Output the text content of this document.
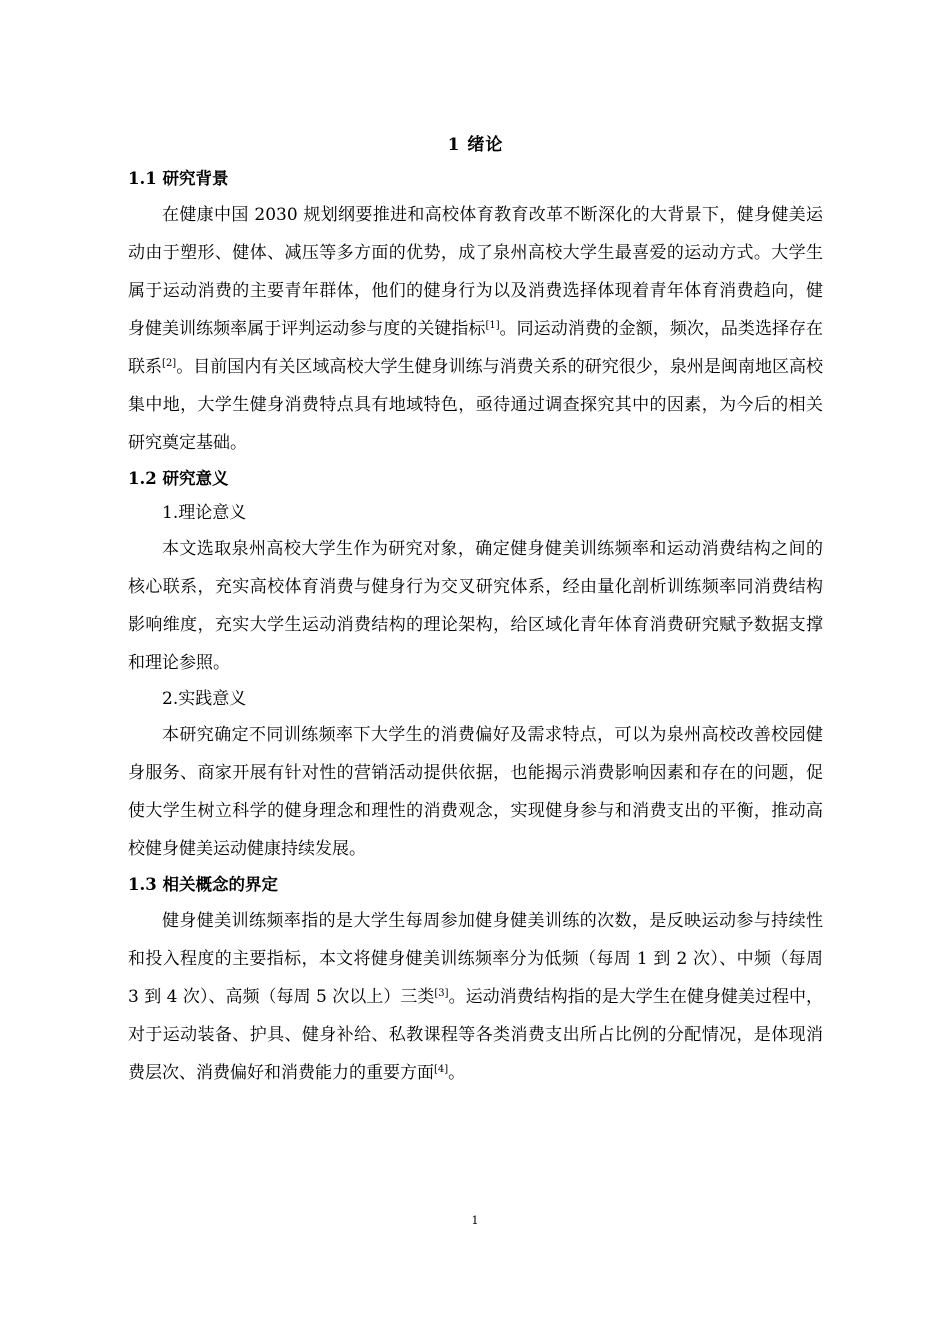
1 绪论
1.1 研究背景

在健康中国 2030 规划纲要推进和高校体育教育改革不断深化的大背景下，健身健美运动由于塑形、健体、减压等多方面的优势，成了泉州高校大学生最喜爱的运动方式。大学生属于运动消费的主要青年群体，他们的健身行为以及消费选择体现着青年体育消费趋向，健身健美训练频率属于评判运动参与度的关键指标[1]。同运动消费的金额，频次，品类选择存在联系[2]。目前国内有关区域高校大学生健身训练与消费关系的研究很少，泉州是闽南地区高校集中地，大学生健身消费特点具有地域特色，亟待通过调查探究其中的因素，为今后的相关研究奠定基础。

1.2 研究意义

1.理论意义

本文选取泉州高校大学生作为研究对象，确定健身健美训练频率和运动消费结构之间的核心联系，充实高校体育消费与健身行为交叉研究体系，经由量化剖析训练频率同消费结构影响维度，充实大学生运动消费结构的理论架构，给区域化青年体育消费研究赋予数据支撑和理论参照。

2.实践意义

本研究确定不同训练频率下大学生的消费偏好及需求特点，可以为泉州高校改善校园健身服务、商家开展有针对性的营销活动提供依据，也能揭示消费影响因素和存在的问题，促使大学生树立科学的健身理念和理性的消费观念，实现健身参与和消费支出的平衡，推动高校健身健美运动健康持续发展。

1.3 相关概念的界定

健身健美训练频率指的是大学生每周参加健身健美训练的次数，是反映运动参与持续性和投入程度的主要指标，本文将健身健美训练频率分为低频（每周 1 到 2 次）、中频（每周 3 到 4 次）、高频（每周 5 次以上）三类[3]。运动消费结构指的是大学生在健身健美过程中，对于运动装备、护具、健身补给、私教课程等各类消费支出所占比例的分配情况，是体现消费层次、消费偏好和消费能力的重要方面[4]。

1
